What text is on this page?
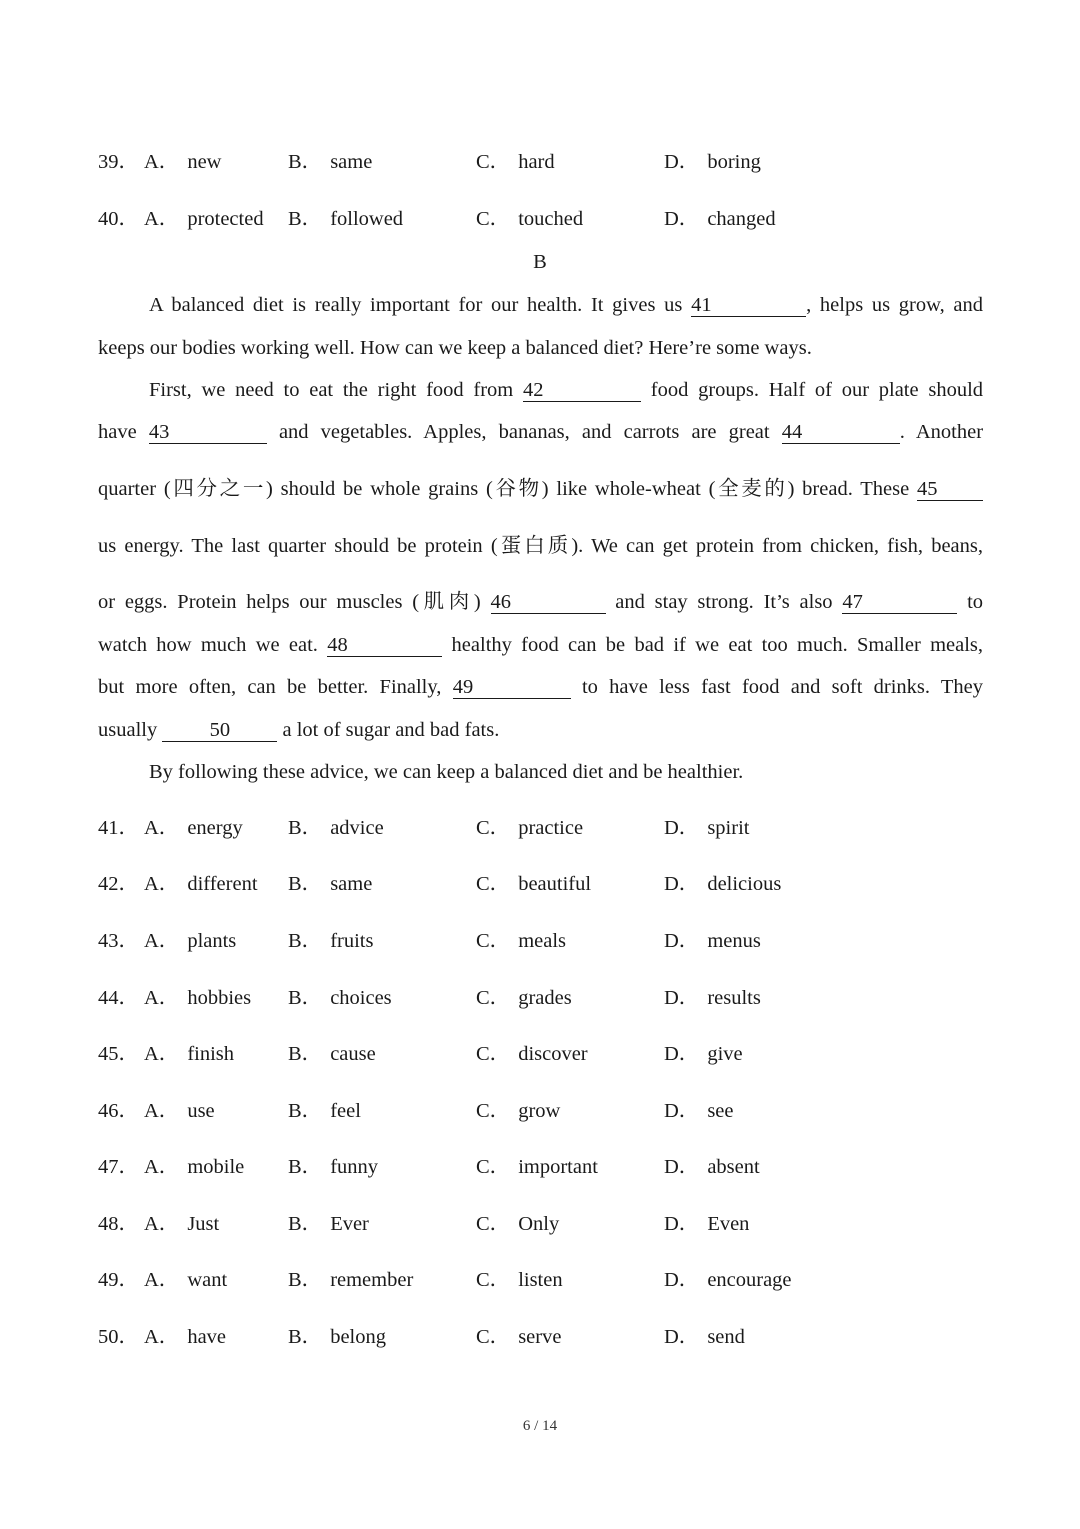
39． A． new	B． same	C． hard	D． boring
40． A． protected B． followed	C． touched	D． changed
B
A balanced diet is really important for our health. It gives us 41	, helps us grow, and
keeps our bodies working well. How can we keep a balanced diet? Here’re some ways.
First, we need to eat the right food from 42	food groups. Half of our plate should
have 43	and vegetables. Apples, bananas, and carrots are great 44	. Another
quarter (四分之一) should be whole grains (谷物) like whole-wheat (全麦的) bread. These 45
us energy. The last quarter should be protein (蛋白质). We can get protein from chicken, fish, beans,
or eggs. Protein helps our muscles (肌肉) 46	and stay strong. It’s also 47	to
watch how much we eat. 48	healthy food can be bad if we eat too much. Smaller meals,
but more often, can be better. Finally, 49	to have less fast food and soft drinks. They
usually	50	a lot of sugar and bad fats.
By following these advice, we can keep a balanced diet and be healthier.
41． A． energy B． advice	C． practice	D． spirit
42． A． different B． same	C． beautiful	D． delicious
43． A． plants	B． fruits	C． meals	D． menus
44． A． hobbies B． choices	C． grades	D． results
45． A． finish	B． cause	C． discover	D． give
46． A． use	B． feel	C． grow	D． see
47． A． mobile B． funny	C． important	D． absent
48． A． Just	B． Ever	C． Only	D． Even
49． A． want	B． remember	C． listen	D． encourage
50． A． have	B． belong	C． serve	D． send
6 / 14
